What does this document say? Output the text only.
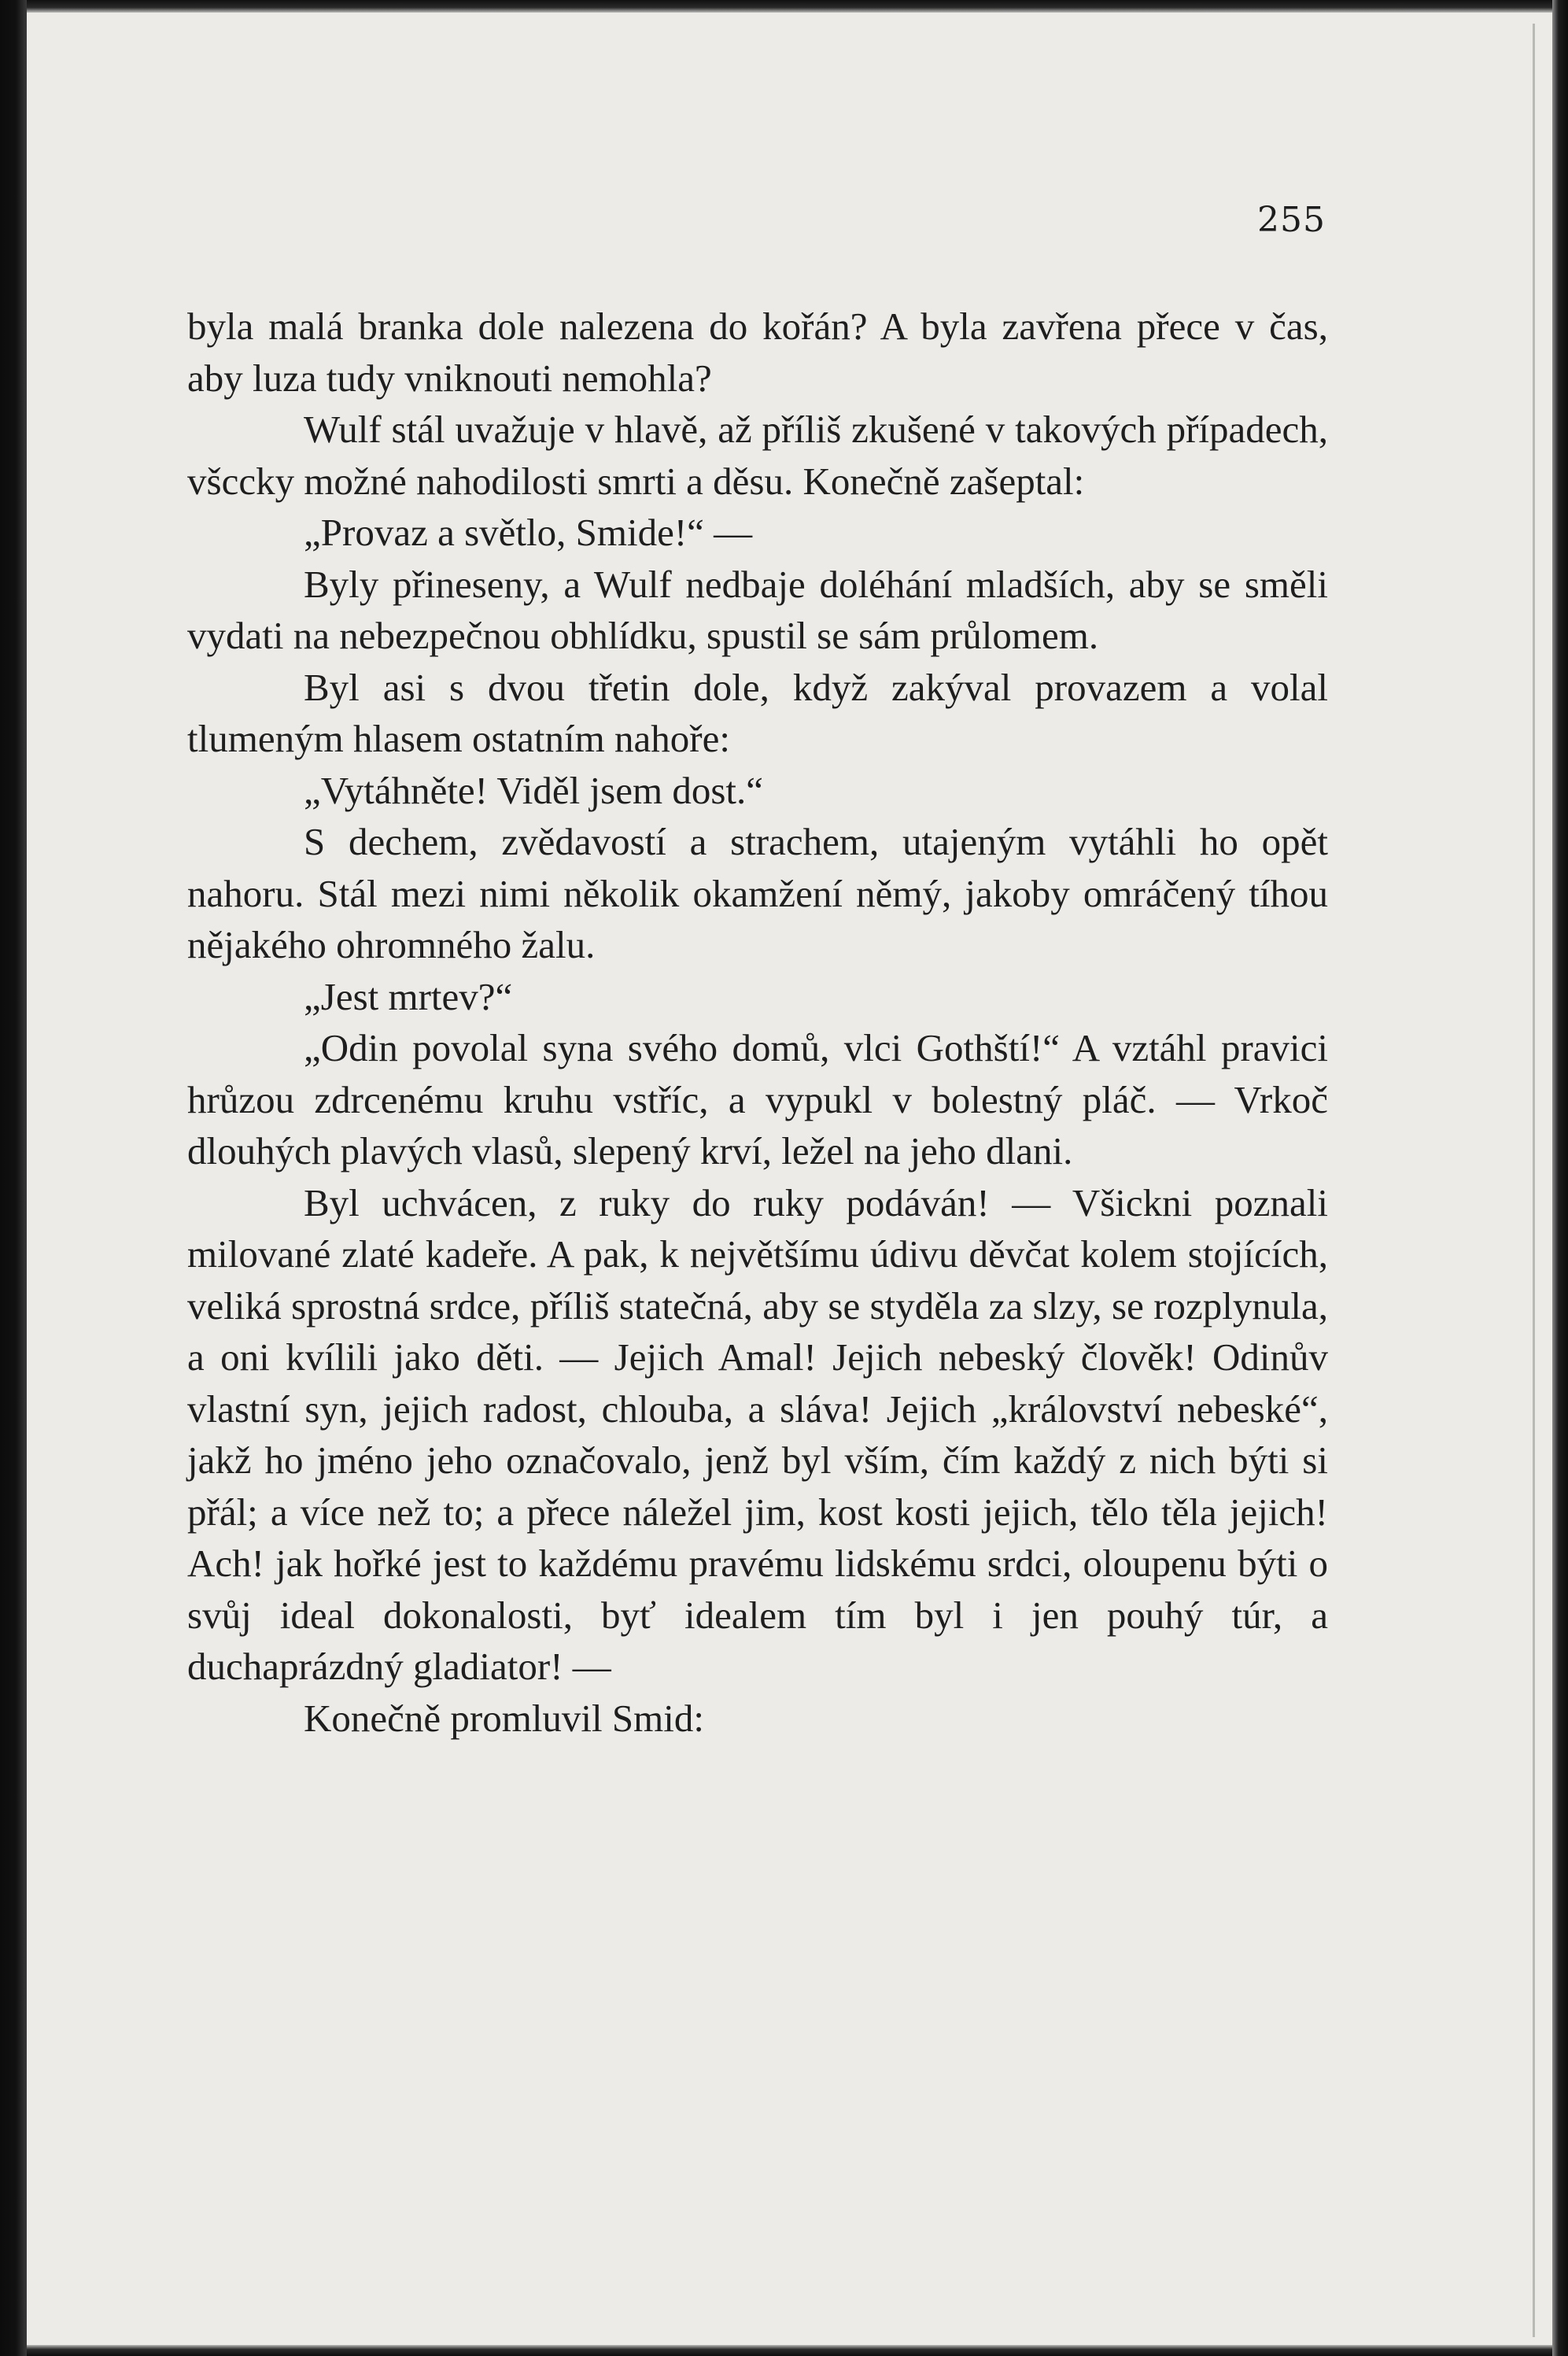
255

byla malá branka dole nalezena do kořán? A byla zavřena přece v čas, aby luza tudy vniknouti nemohla?

Wulf stál uvažuje v hlavě, až příliš zkušené v takových případech, všccky možné nahodilosti smrti a děsu. Konečně zašeptal:

„Provaz a světlo, Smide!“ —

Byly přineseny, a Wulf nedbaje doléhání mladších, aby se směli vydati na nebezpečnou obhlídku, spustil se sám průlomem.

Byl asi s dvou třetin dole, když zakýval provazem a volal tlumeným hlasem ostatním nahoře:

„Vytáhněte! Viděl jsem dost.“

S dechem, zvědavostí a strachem, utajeným vytáhli ho opět nahoru. Stál mezi nimi několik okamžení němý, jakoby omráčený tíhou nějakého ohromného žalu.

„Jest mrtev?“

„Odin povolal syna svého domů, vlci Gothští!“ A vztáhl pravici hrůzou zdrcenému kruhu vstříc, a vypukl v bolestný pláč. — Vrkoč dlouhých plavých vlasů, slepený krví, ležel na jeho dlani.

Byl uchvácen, z ruky do ruky podáván! — Všickni poznali milované zlaté kadeře. A pak, k největšímu údivu děvčat kolem stojících, veliká sprostná srdce, příliš statečná, aby se styděla za slzy, se rozplynula, a oni kvílili jako děti. — Jejich Amal! Jejich nebeský člověk! Odinův vlastní syn, jejich radost, chlouba, a sláva! Jejich „království nebeské“, jakž ho jméno jeho označovalo, jenž byl vším, čím každý z nich býti si přál; a více než to; a přece náležel jim, kost kosti jejich, tělo těla jejich! Ach! jak hořké jest to každému pravému lidskému srdci, oloupenu býti o svůj ideal dokonalosti, byť idealem tím byl i jen pouhý túr, a duchaprázdný gladiator! —

Konečně promluvil Smid:
